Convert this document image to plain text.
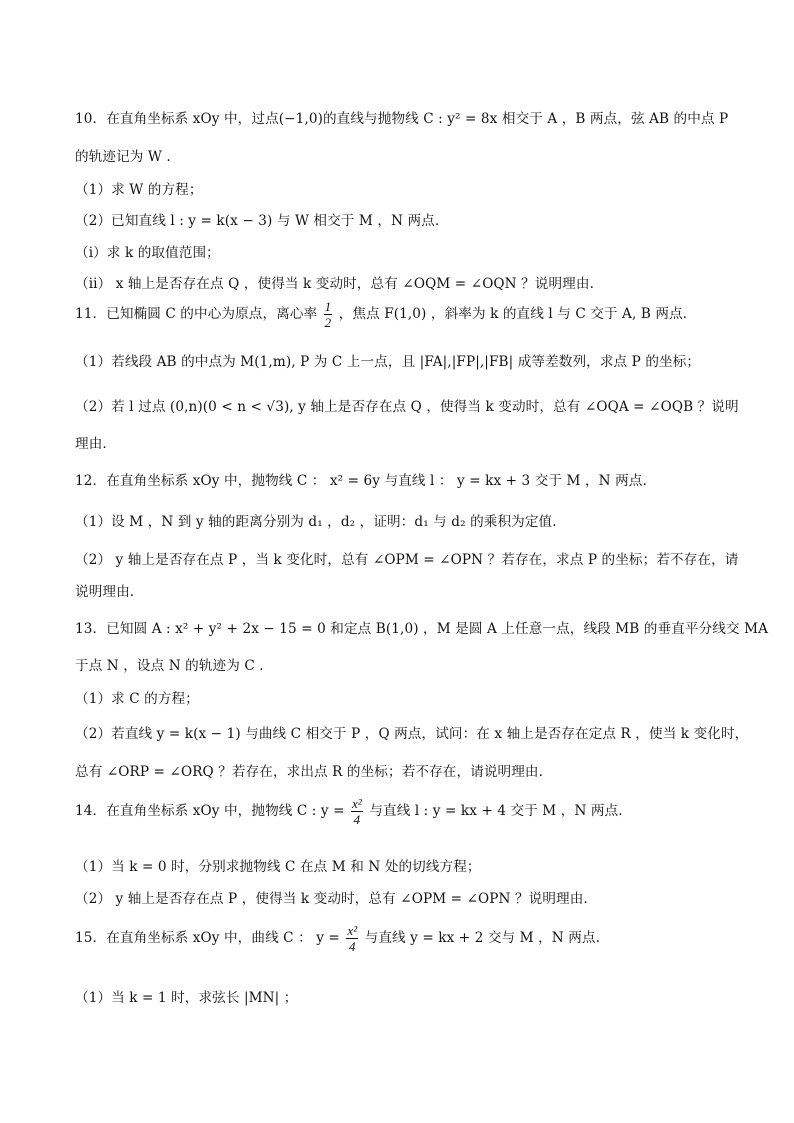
10．在直角坐标系 xOy 中，过点(−1,0)的直线与抛物线 C : y² = 8x 相交于 A ，B 两点，弦 AB 的中点 P
的轨迹记为 W .
（1）求 W 的方程；
（2）已知直线 l : y = k(x − 3) 与 W 相交于 M ，N 两点.
（i）求 k 的取值范围；
（ii） x 轴上是否存在点 Q ，使得当 k 变动时，总有 ∠OQM = ∠OQN ？说明理由.
11．已知椭圆 C 的中心为原点，离心率 $\frac{1}{2}$ ，焦点 F(1,0) ，斜率为 k 的直线 l 与 C 交于 A, B 两点．
（1）若线段 AB 的中点为 M(1,m), P 为 C 上一点，且 |FA|,|FP|,|FB| 成等差数列，求点 P 的坐标；
（2）若 l 过点 (0,n)(0 < n < √3), y 轴上是否存在点 Q ，使得当 k 变动时，总有 ∠OQA = ∠OQB ？说明
理由．
12．在直角坐标系 xOy 中，抛物线 C ： x² = 6y 与直线 l ： y = kx + 3 交于 M ，N 两点.
（1）设 M ，N 到 y 轴的距离分别为 d₁ ，d₂ ，证明：d₁ 与 d₂ 的乘积为定值.
（2） y 轴上是否存在点 P ，当 k 变化时，总有 ∠OPM = ∠OPN ？若存在，求点 P 的坐标；若不存在，请
说明理由.
13．已知圆 A : x² + y² + 2x − 15 = 0 和定点 B(1,0) ，M 是圆 A 上任意一点，线段 MB 的垂直平分线交 MA
于点 N ，设点 N 的轨迹为 C .
（1）求 C 的方程；
（2）若直线 y = k(x − 1) 与曲线 C 相交于 P ，Q 两点，试问：在 x 轴上是否存在定点 R ，使当 k 变化时，
总有 ∠ORP = ∠ORQ ？若存在，求出点 R 的坐标；若不存在，请说明理由.
14．在直角坐标系 xOy 中，抛物线 C : $y = \frac{\text{x²}}{4}$ 与直线 l : y = kx + 4 交于 M ，N 两点.
（1）当 k = 0 时，分别求抛物线 C 在点 M 和 N 处的切线方程；
（2） y 轴上是否存在点 P ，使得当 k 变动时，总有 ∠OPM = ∠OPN ？说明理由.
15．在直角坐标系 xOy 中，曲线 C ： $y = \frac{\text{x²}}{4}$ 与直线 y = kx + 2 交与 M ，N 两点.
（1）当 k = 1 时，求弦长 |MN| ；
